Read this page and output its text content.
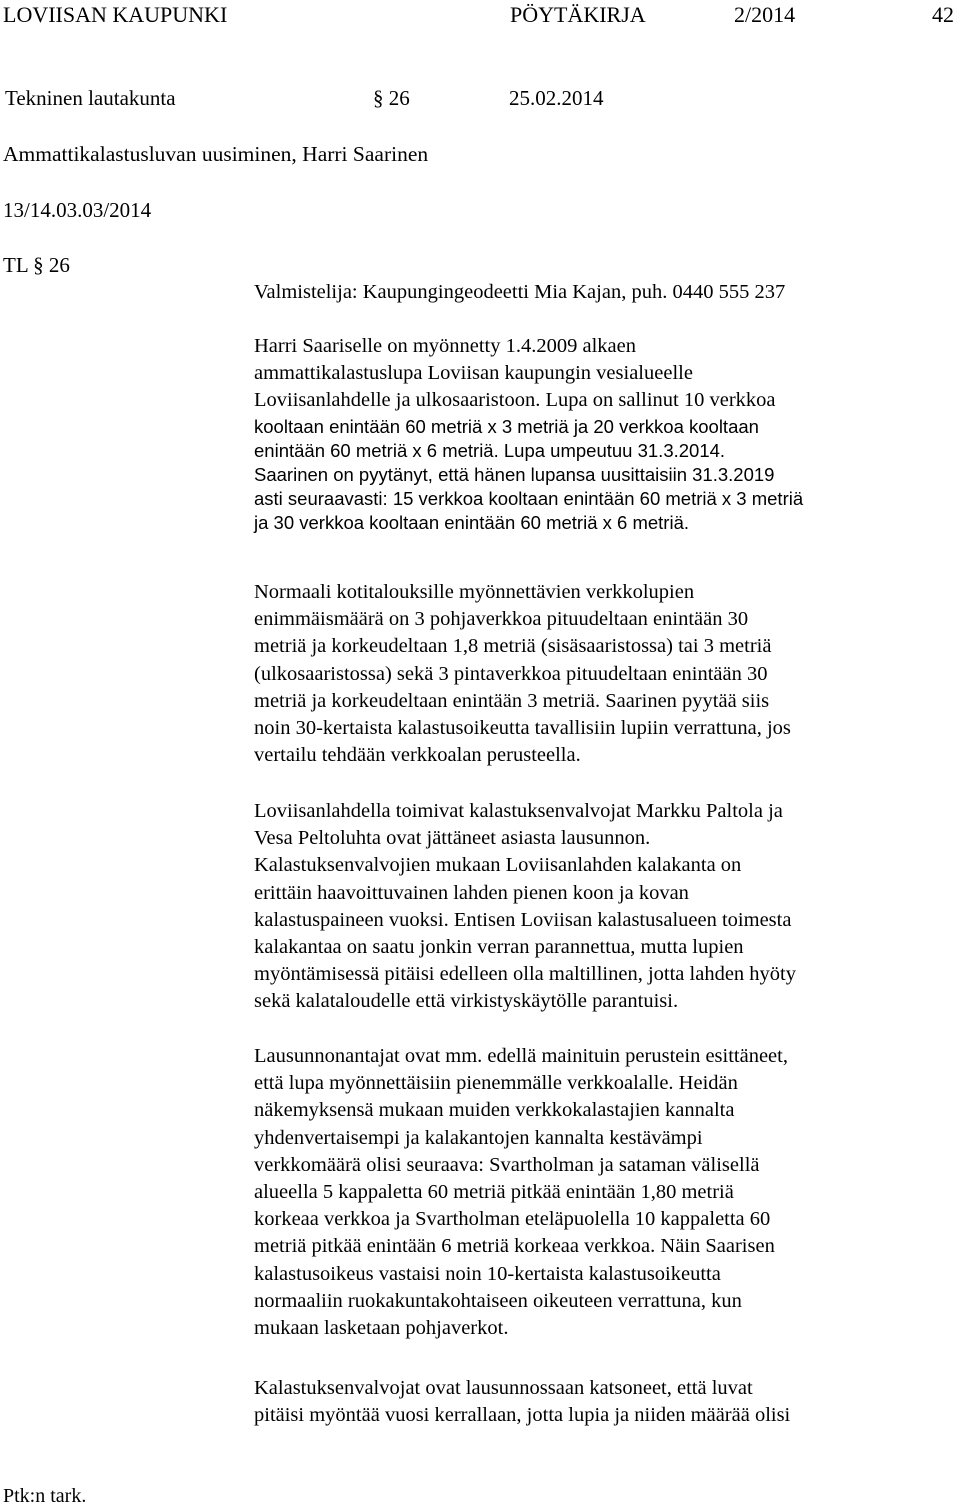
LOVIISAN KAUPUNKI	PÖYTÄKIRJA	2/2014	42
Tekninen lautakunta	§ 26	25.02.2014
Ammattikalastusluvan uusiminen, Harri Saarinen
13/14.03.03/2014
TL § 26
Valmistelija: Kaupungingeodeetti Mia Kajan, puh. 0440 555 237
Harri Saariselle on myönnetty 1.4.2009 alkaen
ammattikalastuslupa Loviisan kaupungin vesialueelle
Loviisanlahdelle ja ulkosaaristoon. Lupa on sallinut 10 verkkoa
kooltaan enintään 60 metriä x 3 metriä ja 20 verkkoa kooltaan
enintään 60 metriä x 6 metriä. Lupa umpeutuu 31.3.2014.
Saarinen on pyytänyt, että hänen lupansa uusittaisiin 31.3.2019
asti seuraavasti: 15 verkkoa kooltaan enintään 60 metriä x 3 metriä
ja 30 verkkoa kooltaan enintään 60 metriä x 6 metriä.
Normaali kotitalouksille myönnettävien verkkolupien
enimmäismäärä on 3 pohjaverkkoa pituudeltaan enintään 30
metriä ja korkeudeltaan 1,8 metriä (sisäsaaristossa) tai 3 metriä
(ulkosaaristossa) sekä 3 pintaverkkoa pituudeltaan enintään 30
metriä ja korkeudeltaan enintään 3 metriä. Saarinen pyytää siis
noin 30-kertaista kalastusoikeutta tavallisiin lupiin verrattuna, jos
vertailu tehdään verkkoalan perusteella.
Loviisanlahdella toimivat kalastuksenvalvojat Markku Paltola ja
Vesa Peltoluhta ovat jättäneet asiasta lausunnon.
Kalastuksenvalvojien mukaan Loviisanlahden kalakanta on
erittäin haavoittuvainen lahden pienen koon ja kovan
kalastuspaineen vuoksi. Entisen Loviisan kalastusalueen toimesta
kalakantaa on saatu jonkin verran parannettua, mutta lupien
myöntämisessä pitäisi edelleen olla maltillinen, jotta lahden hyöty
sekä kalataloudelle että virkistyskäytölle parantuisi.
Lausunnonantajat ovat mm. edellä mainituin perustein esittäneet,
että lupa myönnettäisiin pienemmälle verkkoalalle. Heidän
näkemyksensä mukaan muiden verkkokalastajien kannalta
yhdenvertaisempi ja kalakantojen kannalta kestävämpi
verkkomäärä olisi seuraava: Svartholman ja sataman välisellä
alueella 5 kappaletta 60 metriä pitkää enintään 1,80 metriä
korkeaa verkkoa ja Svartholman eteläpuolella 10 kappaletta 60
metriä pitkää enintään 6 metriä korkeaa verkkoa. Näin Saarisen
kalastusoikeus vastaisi noin 10-kertaista kalastusoikeutta
normaaliin ruokakuntakohtaiseen oikeuteen verrattuna, kun
mukaan lasketaan pohjaverkot.
Kalastuksenvalvojat ovat lausunnossaan katsoneet, että luvat
pitäisi myöntää vuosi kerrallaan, jotta lupia ja niiden määrää olisi
Ptk:n tark.
